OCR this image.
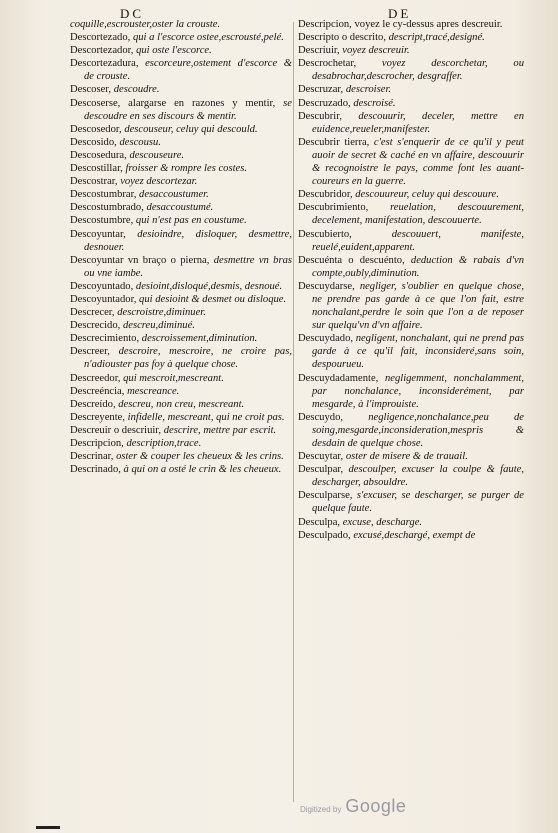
DC	DE

coquille,escrouster,oster la crouste.

Descortezado, qui a l'escorce ostee,escrousté,pelé.

Descortezador, qui oste l'escorce.

Descortezadura, escorceure,ostement d'escorce & de crouste.

Descoser, descoudre.

Descoserse, alargarse en razones y mentir, se descoudre en ses discours & mentir.

Descosedor, descouseur, celuy qui descould.

Descosido, descousu.

Descosedura, descouseure.

Descostillar, froisser & rompre les costes.

Descostrar, voyez descortezar.

Descostumbrar, desaccoustumer.

Descostumbrado, desaccoustumé.

Descostumbre, qui n'est pas en coustume.

Descoyuntar, desioindre, disloquer, desmettre, desnouer.

Descoyuntar vn braço o pierna, desmettre vn bras ou vne iambe.

Descoyuntado, desioint,disloqué,desmis, desnoué.

Descoyuntador, qui desioint & desmet ou disloque.

Descrecer, descroistre,diminuer.

Descrecido, descreu,diminué.

Descrecimiento, descroissement,diminution.

Descreer, descroire, mescroire, ne croire pas, n'adiouster pas foy à quelque chose.

Descreedor, qui mescroit,mescreant.

Descreéncia, mescreance.

Descreído, descreu, non creu, mescreant.

Descreyente, infidelle, mescreant, qui ne croit pas.

Descreuir o descriuir, descrire, mettre par escrit.

Descripcion, description,trace.

Descrinar, oster & couper les cheueux & les crins.

Descrinado, à qui on a osté le crin & les cheueux.

Descripcion, voyez le cy-dessus apres descreuir.

Descripto o descrito, descript,tracé,designé.

Descriuir, voyez descreuir.

Descrochetar, voyez descorchetar, ou desabrochar,descrocher, desgraffer.

Descruzar, descroiser.

Descruzado, descroisé.

Descubrir, descouurir, deceler, mettre en euidence,reueler,manifester.

Descubrir tierra, c'est s'enquerir de ce qu'il y peut auoir de secret & caché en vn affaire, descouurir & recognoistre le pays, comme font les auant-coureurs en la guerre.

Descubridor, descouureur, celuy qui descouure.

Descubrimiento, reuelation, descouurement, decelement, manifestation, descouuerte.

Descubierto,	descouuert, manifeste, reuelé,euident,apparent.

Descuénta o descuénto, deduction & rabais d'vn compte,oubly,diminution.

Descuydarse, negliger, s'oublier en quelque chose, ne prendre pas garde à ce que l'on fait, estre nonchalant,perdre le soin que l'on a de reposer sur quelqu'vn d'vn affaire.

Descuydado, negligent, nonchalant, qui ne prend pas garde à ce qu'il fait, inconsideré,sans soin, despourueu.

Descuydadamente, negligemment, nonchalamment, par nonchalance, inconsiderément, par mesgarde, à l'improuiste.

Descuydo, negligence,nonchalance,peu de soing,mesgarde,inconsideration,mespris & desdain de quelque chose.

Descuytar, oster de misere & de trauail.

Desculpar, descoulper, excuser la coulpe & faute, descharger, absouldre.

Desculparse, s'excuser, se descharger, se purger de quelque faute.

Desculpa, excuse, descharge.

Desculpado, excusé,deschargé, exempt de

Digitized by Google
